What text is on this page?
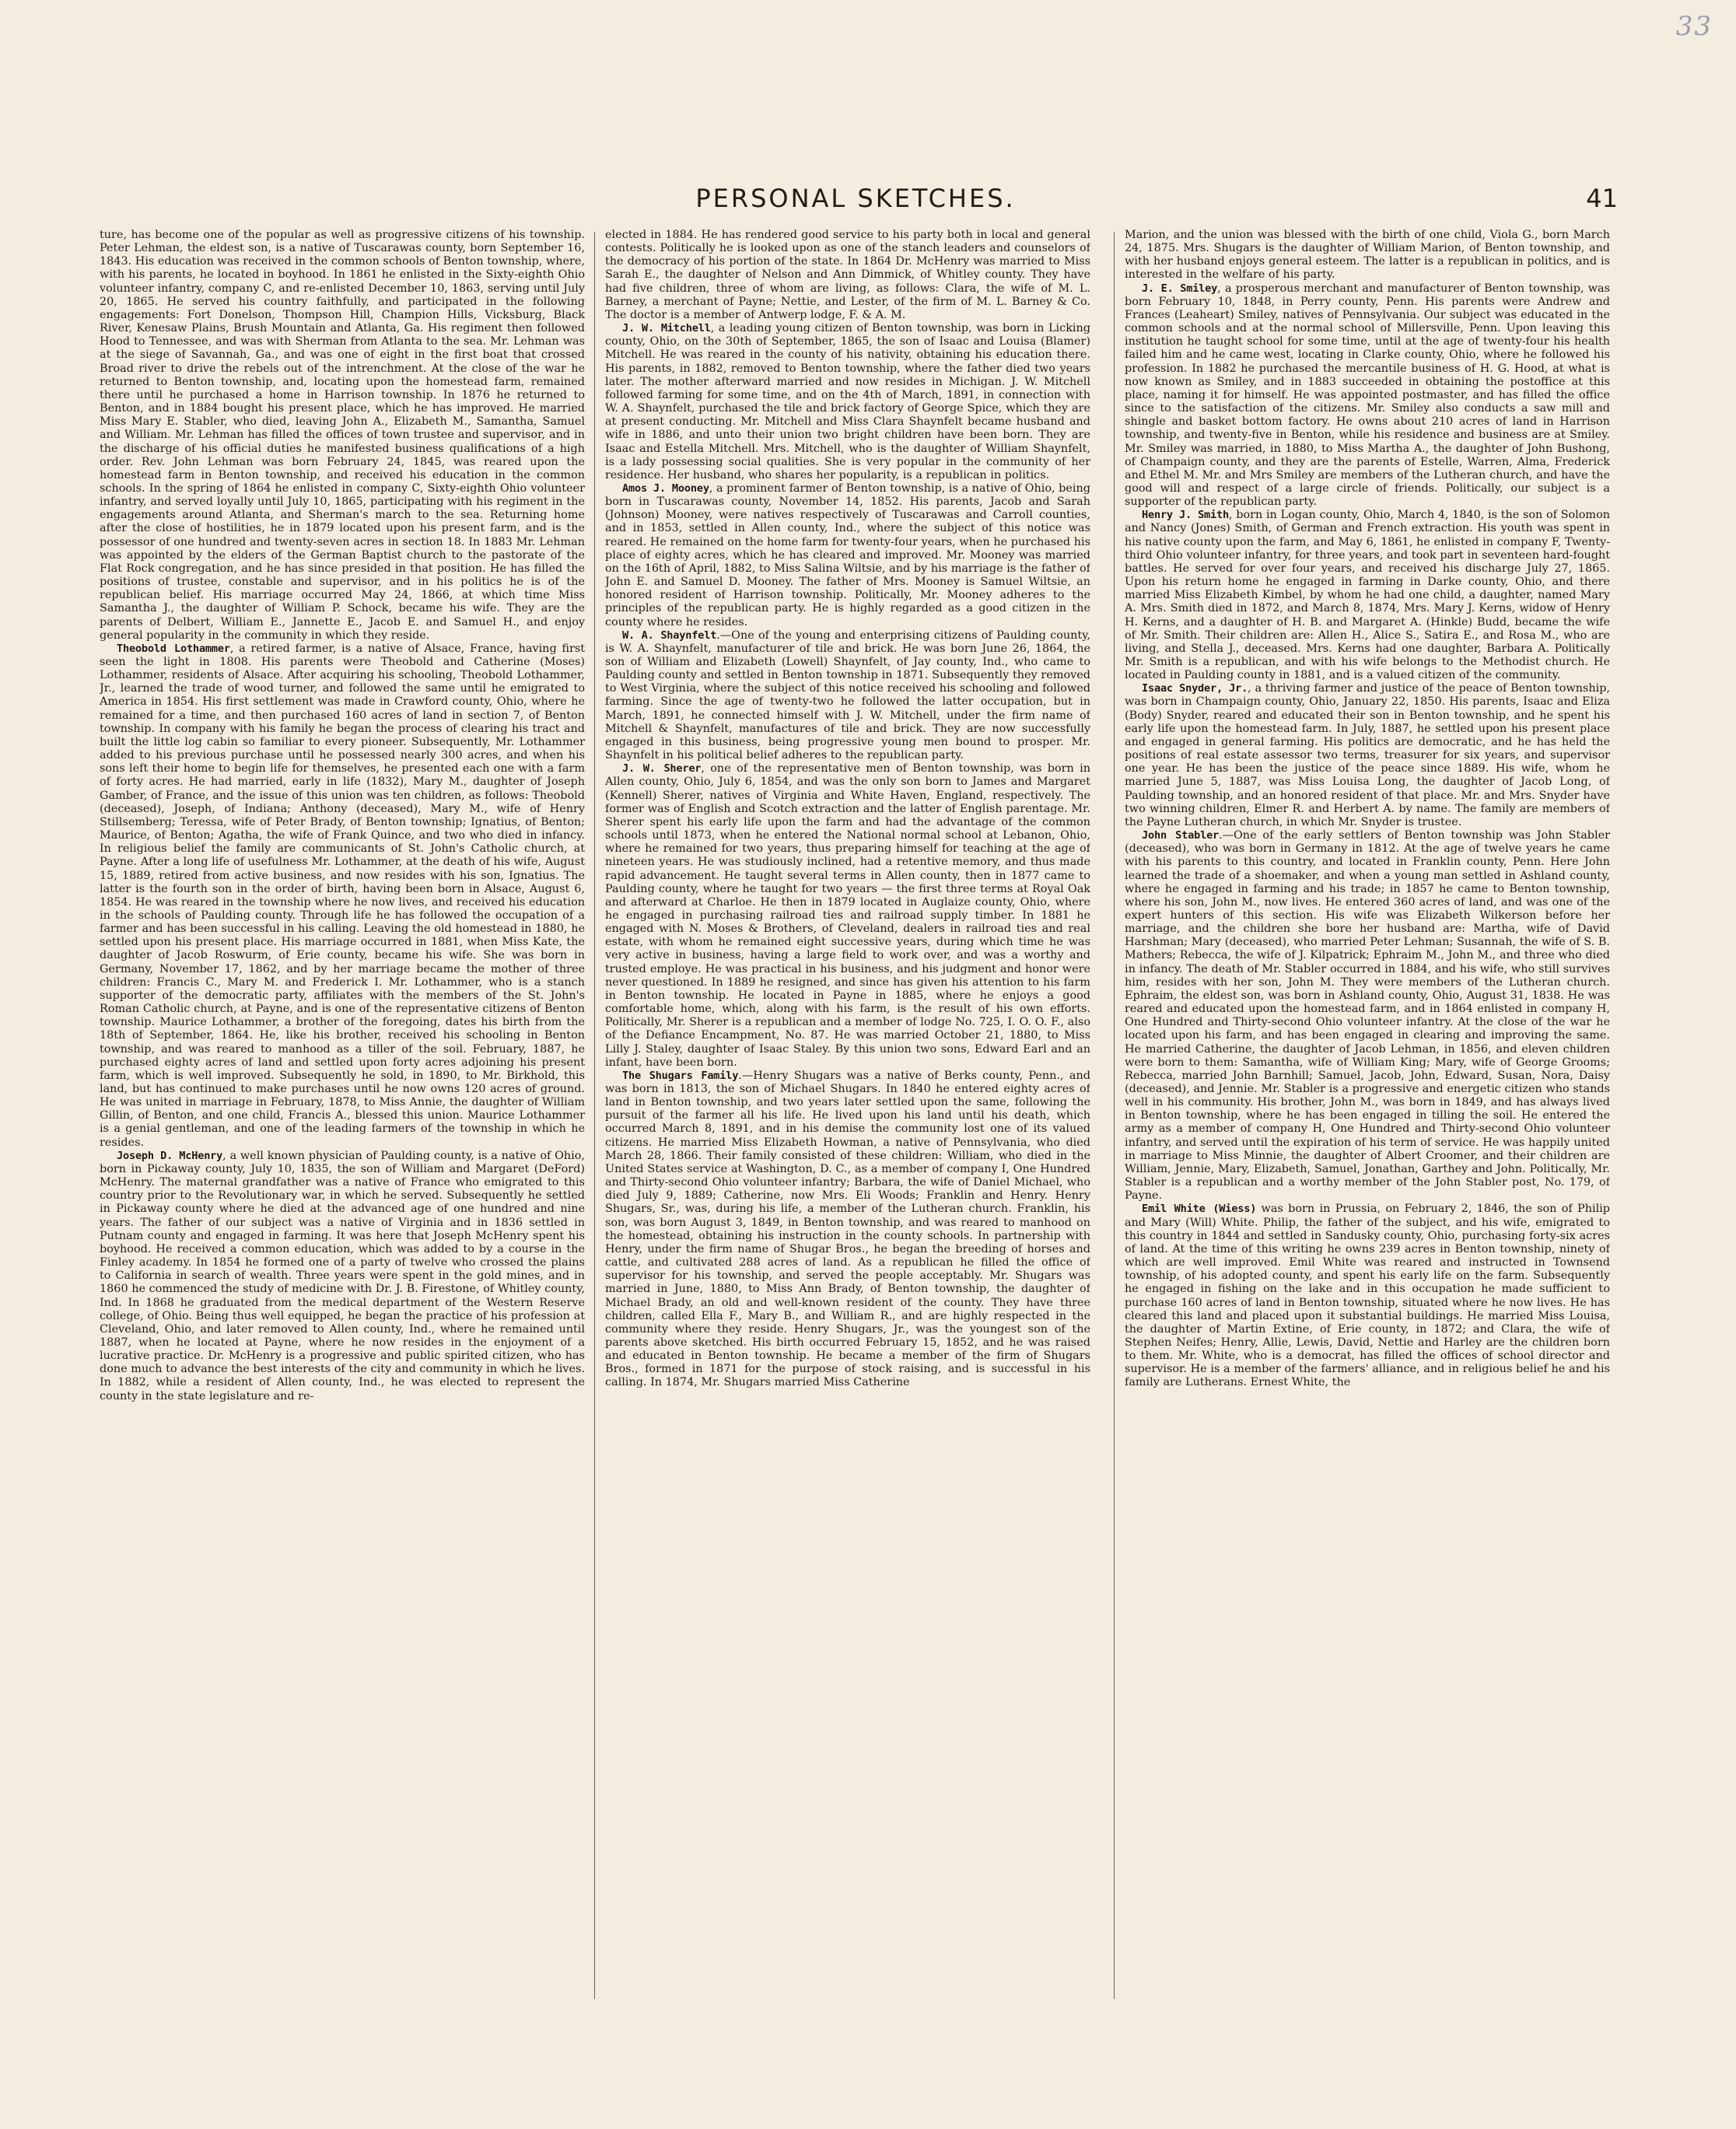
33
PERSONAL SKETCHES.	41

ture, has become one of the popular as well as progressive citizens of his township. Peter Lehman, the eldest son, is a native of Tuscarawas county, born September 16, 1843. His education was received in the common schools of Benton township, where, with his parents, he located in boyhood. In 1861 he enlisted in the Sixty-eighth Ohio volunteer infantry, company C, and re-enlisted December 10, 1863, serving until July 20, 1865. He served his country faithfully, and participated in the following engagements: Fort Donelson, Thompson Hill, Champion Hills, Vicksburg, Black River, Kenesaw Plains, Brush Mountain and Atlanta, Ga. His regiment then followed Hood to Tennessee, and was with Sherman from Atlanta to the sea. Mr. Lehman was at the siege of Savannah, Ga., and was one of eight in the first boat that crossed Broad river to drive the rebels out of the intrenchment. At the close of the war he returned to Benton township, and, locating upon the homestead farm, remained there until he purchased a home in Harrison township. In 1876 he returned to Benton, and in 1884 bought his present place, which he has improved. He married Miss Mary E. Stabler, who died, leaving John A., Elizabeth M., Samantha, Samuel and William. Mr. Lehman has filled the offices of town trustee and supervisor, and in the discharge of his official duties he manifested business qualifications of a high order. Rev. John Lehman was born February 24, 1845, was reared upon the homestead farm in Benton township, and received his education in the common schools. In the spring of 1864 he enlisted in company C, Sixty-eighth Ohio volunteer infantry, and served loyally until July 10, 1865, participating with his regiment in the engagements around Atlanta, and Sherman's march to the sea. Returning home after the close of hostilities, he in 1879 located upon his present farm, and is the possessor of one hundred and twenty-seven acres in section 18. In 1883 Mr. Lehman was appointed by the elders of the German Baptist church to the pastorate of the Flat Rock congregation, and he has since presided in that position. He has filled the positions of trustee, constable and supervisor, and in his politics he is of the republican belief. His marriage occurred May 24, 1866, at which time Miss Samantha J., the daughter of William P. Schock, became his wife. They are the parents of Delbert, William E., Jannette E., Jacob E. and Samuel H., and enjoy general popularity in the community in which they reside.

Theobold Lothammer, a retired farmer, is a native of Alsace, France, having first seen the light in 1808. His parents were Theobold and Catherine (Moses) Lothammer, residents of Alsace. After acquiring his schooling, Theobold Lothammer, Jr., learned the trade of wood turner, and followed the same until he emigrated to America in 1854. His first settlement was made in Crawford county, Ohio, where he remained for a time, and then purchased 160 acres of land in section 7, of Benton township. In company with his family he began the process of clearing his tract and built the little log cabin so familiar to every pioneer. Subsequently, Mr. Lothammer added to his previous purchase until he possessed nearly 300 acres, and when his sons left their home to begin life for themselves, he presented each one with a farm of forty acres. He had married, early in life (1832), Mary M., daughter of Joseph Gamber, of France, and the issue of this union was ten children, as follows: Theobold (deceased), Joseph, of Indiana; Anthony (deceased), Mary M., wife of Henry Stillsemberg; Teressa, wife of Peter Brady, of Benton township; Ignatius, of Benton; Maurice, of Benton; Agatha, the wife of Frank Quince, and two who died in infancy. In religious belief the family are communicants of St. John's Catholic church, at Payne. After a long life of usefulness Mr. Lothammer, at the death of his wife, August 15, 1889, retired from active business, and now resides with his son, Ignatius. The latter is the fourth son in the order of birth, having been born in Alsace, August 6, 1854. He was reared in the township where he now lives, and received his education in the schools of Paulding county. Through life he has followed the occupation of a farmer and has been successful in his calling. Leaving the old homestead in 1880, he settled upon his present place. His marriage occurred in 1881, when Miss Kate, the daughter of Jacob Roswurm, of Erie county, became his wife. She was born in Germany, November 17, 1862, and by her marriage became the mother of three children: Francis C., Mary M. and Frederick I. Mr. Lothammer, who is a stanch supporter of the democratic party, affiliates with the members of the St. John's Roman Catholic church, at Payne, and is one of the representative citizens of Benton township. Maurice Lothammer, a brother of the foregoing, dates his birth from the 18th of September, 1864. He, like his brother, received his schooling in Benton township, and was reared to manhood as a tiller of the soil. February, 1887, he purchased eighty acres of land and settled upon forty acres adjoining his present farm, which is well improved. Subsequently he sold, in 1890, to Mr. Birkhold, this land, but has continued to make purchases until he now owns 120 acres of ground. He was united in marriage in February, 1878, to Miss Annie, the daughter of William Gillin, of Benton, and one child, Francis A., blessed this union. Maurice Lothammer is a genial gentleman, and one of the leading farmers of the township in which he resides.

Joseph D. McHenry, a well known physician of Paulding county, is a native of Ohio, born in Pickaway county, July 10, 1835, the son of William and Margaret (DeFord) McHenry. The maternal grandfather was a native of France who emigrated to this country prior to the Revolutionary war, in which he served. Subsequently he settled in Pickaway county where he died at the advanced age of one hundred and nine years. The father of our subject was a native of Virginia and in 1836 settled in Putnam county and engaged in farming. It was here that Joseph McHenry spent his boyhood. He received a common education, which was added to by a course in the Finley academy. In 1854 he formed one of a party of twelve who crossed the plains to California in search of wealth. Three years were spent in the gold mines, and in 1860 he commenced the study of medicine with Dr. J. B. Firestone, of Whitley county, Ind. In 1868 he graduated from the medical department of the Western Reserve college, of Ohio. Being thus well equipped, he began the practice of his profession at Cleveland, Ohio, and later removed to Allen county, Ind., where he remained until 1887, when he located at Payne, where he now resides in the enjoyment of a lucrative practice. Dr. McHenry is a progressive and public spirited citizen, who has done much to advance the best interests of the city and community in which he lives. In 1882, while a resident of Allen county, Ind., he was elected to represent the county in the state legislature and re-

elected in 1884. He has rendered good service to his party both in local and general contests. Politically he is looked upon as one of the stanch leaders and counselors of the democracy of his portion of the state. In 1864 Dr. McHenry was married to Miss Sarah E., the daughter of Nelson and Ann Dimmick, of Whitley county. They have had five children, three of whom are living, as follows: Clara, the wife of M. L. Barney, a merchant of Payne; Nettie, and Lester, of the firm of M. L. Barney & Co. The doctor is a member of Antwerp lodge, F. & A. M.

J. W. Mitchell, a leading young citizen of Benton township, was born in Licking county, Ohio, on the 30th of September, 1865, the son of Isaac and Louisa (Blamer) Mitchell. He was reared in the county of his nativity, obtaining his education there. His parents, in 1882, removed to Benton township, where the father died two years later. The mother afterward married and now resides in Michigan. J. W. Mitchell followed farming for some time, and on the 4th of March, 1891, in connection with W. A. Shaynfelt, purchased the tile and brick factory of George Spice, which they are at present conducting. Mr. Mitchell and Miss Clara Shaynfelt became husband and wife in 1886, and unto their union two bright children have been born. They are Isaac and Estella Mitchell. Mrs. Mitchell, who is the daughter of William Shaynfelt, is a lady possessing social qualities. She is very popular in the community of her residence. Her husband, who shares her popularity, is a republican in politics.

Amos J. Mooney, a prominent farmer of Benton township, is a native of Ohio, being born in Tuscarawas county, November 14, 1852. His parents, Jacob and Sarah (Johnson) Mooney, were natives respectively of Tuscarawas and Carroll counties, and in 1853, settled in Allen county, Ind., where the subject of this notice was reared. He remained on the home farm for twenty-four years, when he purchased his place of eighty acres, which he has cleared and improved. Mr. Mooney was married on the 16th of April, 1882, to Miss Salina Wiltsie, and by his marriage is the father of John E. and Samuel D. Mooney. The father of Mrs. Mooney is Samuel Wiltsie, an honored resident of Harrison township. Politically, Mr. Mooney adheres to the principles of the republican party. He is highly regarded as a good citizen in the county where he resides.

W. A. Shaynfelt.—One of the young and enterprising citizens of Paulding county, is W. A. Shaynfelt, manufacturer of tile and brick. He was born June 26, 1864, the son of William and Elizabeth (Lowell) Shaynfelt, of Jay county, Ind., who came to Paulding county and settled in Benton township in 1871. Subsequently they removed to West Virginia, where the subject of this notice received his schooling and followed farming. Since the age of twenty-two he followed the latter occupation, but in March, 1891, he connected himself with J. W. Mitchell, under the firm name of Mitchell & Shaynfelt, manufactures of tile and brick. They are now successfully engaged in this business, being progressive young men bound to prosper. Mr. Shaynfelt in his political belief adheres to the republican party.

J. W. Sherer, one of the representative men of Benton township, was born in Allen county, Ohio, July 6, 1854, and was the only son born to James and Margaret (Kennell) Sherer, natives of Virginia and White Haven, England, respectively. The former was of English and Scotch extraction and the latter of English parentage. Mr. Sherer spent his early life upon the farm and had the advantage of the common schools until 1873, when he entered the National normal school at Lebanon, Ohio, where he remained for two years, thus preparing himself for teaching at the age of nineteen years. He was studiously inclined, had a retentive memory, and thus made rapid advancement. He taught several terms in Allen county, then in 1877 came to Paulding county, where he taught for two years — the first three terms at Royal Oak and afterward at Charloe. He then in 1879 located in Auglaize county, Ohio, where he engaged in purchasing railroad ties and railroad supply timber. In 1881 he engaged with N. Moses & Brothers, of Cleveland, dealers in railroad ties and real estate, with whom he remained eight successive years, during which time he was very active in business, having a large field to work over, and was a worthy and trusted employe. He was practical in his business, and his judgment and honor were never questioned. In 1889 he resigned, and since has given his attention to his farm in Benton township. He located in Payne in 1885, where he enjoys a good comfortable home, which, along with his farm, is the result of his own efforts. Politically, Mr. Sherer is a republican and a member of lodge No. 725, I. O. O. F., also of the Defiance Encampment, No. 87. He was married October 21, 1880, to Miss Lilly J. Staley, daughter of Isaac Staley. By this union two sons, Edward Earl and an infant, have been born.

The Shugars Family.—Henry Shugars was a native of Berks county, Penn., and was born in 1813, the son of Michael Shugars. In 1840 he entered eighty acres of land in Benton township, and two years later settled upon the same, following the pursuit of the farmer all his life. He lived upon his land until his death, which occurred March 8, 1891, and in his demise the community lost one of its valued citizens. He married Miss Elizabeth Howman, a native of Pennsylvania, who died March 28, 1866. Their family consisted of these children: William, who died in the United States service at Washington, D. C., as a member of company I, One Hundred and Thirty-second Ohio volunteer infantry; Barbara, the wife of Daniel Michael, who died July 9, 1889; Catherine, now Mrs. Eli Woods; Franklin and Henry. Henry Shugars, Sr., was, during his life, a member of the Lutheran church. Franklin, his son, was born August 3, 1849, in Benton township, and was reared to manhood on the homestead, obtaining his instruction in the county schools. In partnership with Henry, under the firm name of Shugar Bros., he began the breeding of horses and cattle, and cultivated 288 acres of land. As a republican he filled the office of supervisor for his township, and served the people acceptably. Mr. Shugars was married in June, 1880, to Miss Ann Brady, of Benton township, the daughter of Michael Brady, an old and well-known resident of the county. They have three children, called Ella F., Mary B., and William R., and are highly respected in the community where they reside. Henry Shugars, Jr., was the youngest son of the parents above sketched. His birth occurred February 15, 1852, and he was raised and educated in Benton township. He became a member of the firm of Shugars Bros., formed in 1871 for the purpose of stock raising, and is successful in his calling. In 1874, Mr. Shugars married Miss Catherine

Marion, and the union was blessed with the birth of one child, Viola G., born March 24, 1875. Mrs. Shugars is the daughter of William Marion, of Benton township, and with her husband enjoys general esteem. The latter is a republican in politics, and is interested in the welfare of his party.

J. E. Smiley, a prosperous merchant and manufacturer of Benton township, was born February 10, 1848, in Perry county, Penn. His parents were Andrew and Frances (Leaheart) Smiley, natives of Pennsylvania. Our subject was educated in the common schools and at the normal school of Millersville, Penn. Upon leaving this institution he taught school for some time, until at the age of twenty-four his health failed him and he came west, locating in Clarke county, Ohio, where he followed his profession. In 1882 he purchased the mercantile business of H. G. Hood, at what is now known as Smiley, and in 1883 succeeded in obtaining the postoffice at this place, naming it for himself. He was appointed postmaster, and has filled the office since to the satisfaction of the citizens. Mr. Smiley also conducts a saw mill and shingle and basket bottom factory. He owns about 210 acres of land in Harrison township, and twenty-five in Benton, while his residence and business are at Smiley. Mr. Smiley was married, in 1880, to Miss Martha A., the daughter of John Bushong, of Champaign county, and they are the parents of Estelle, Warren, Alma, Frederick and Ethel M. Mr. and Mrs Smiley are members of the Lutheran church, and have the good will and respect of a large circle of friends. Politically, our subject is a supporter of the republican party.

Henry J. Smith, born in Logan county, Ohio, March 4, 1840, is the son of Solomon and Nancy (Jones) Smith, of German and French extraction. His youth was spent in his native county upon the farm, and May 6, 1861, he enlisted in company F, Twenty-third Ohio volunteer infantry, for three years, and took part in seventeen hard-fought battles. He served for over four years, and received his discharge July 27, 1865. Upon his return home he engaged in farming in Darke county, Ohio, and there married Miss Elizabeth Kimbel, by whom he had one child, a daughter, named Mary A. Mrs. Smith died in 1872, and March 8, 1874, Mrs. Mary J. Kerns, widow of Henry H. Kerns, and a daughter of H. B. and Margaret A. (Hinkle) Budd, became the wife of Mr. Smith. Their children are: Allen H., Alice S., Satira E., and Rosa M., who are living, and Stella J., deceased. Mrs. Kerns had one daughter, Barbara A. Politically Mr. Smith is a republican, and with his wife belongs to the Methodist church. He located in Paulding county in 1881, and is a valued citizen of the community.

Isaac Snyder, Jr., a thriving farmer and justice of the peace of Benton township, was born in Champaign county, Ohio, January 22, 1850. His parents, Isaac and Eliza (Body) Snyder, reared and educated their son in Benton township, and he spent his early life upon the homestead farm. In July, 1887, he settled upon his present place and engaged in general farming. His politics are democratic, and he has held the positions of real estate assessor two terms, treasurer for six years, and supervisor one year. He has been the justice of the peace since 1889. His wife, whom he married June 5, 1887, was Miss Louisa Long, the daughter of Jacob Long, of Paulding township, and an honored resident of that place. Mr. and Mrs. Snyder have two winning children, Elmer R. and Herbert A. by name. The family are members of the Payne Lutheran church, in which Mr. Snyder is trustee.

John Stabler.—One of the early settlers of Benton township was John Stabler (deceased), who was born in Germany in 1812. At the age of twelve years he came with his parents to this country, and located in Franklin county, Penn. Here John learned the trade of a shoemaker, and when a young man settled in Ashland county, where he engaged in farming and his trade; in 1857 he came to Benton township, where his son, John M., now lives. He entered 360 acres of land, and was one of the expert hunters of this section. His wife was Elizabeth Wilkerson before her marriage, and the children she bore her husband are: Martha, wife of David Harshman; Mary (deceased), who married Peter Lehman; Susannah, the wife of S. B. Mathers; Rebecca, the wife of J. Kilpatrick; Ephraim M., John M., and three who died in infancy. The death of Mr. Stabler occurred in 1884, and his wife, who still survives him, resides with her son, John M. They were members of the Lutheran church. Ephraim, the eldest son, was born in Ashland county, Ohio, August 31, 1838. He was reared and educated upon the homestead farm, and in 1864 enlisted in company H, One Hundred and Thirty-second Ohio volunteer infantry. At the close of the war he located upon his farm, and has been engaged in clearing and improving the same. He married Catherine, the daughter of Jacob Lehman, in 1856, and eleven children were born to them: Samantha, wife of William King; Mary, wife of George Grooms; Rebecca, married John Barnhill; Samuel, Jacob, John, Edward, Susan, Nora, Daisy (deceased), and Jennie. Mr. Stabler is a progressive and energetic citizen who stands well in his community. His brother, John M., was born in 1849, and has always lived in Benton township, where he has been engaged in tilling the soil. He entered the army as a member of company H, One Hundred and Thirty-second Ohio volunteer infantry, and served until the expiration of his term of service. He was happily united in marriage to Miss Minnie, the daughter of Albert Croomer, and their children are William, Jennie, Mary, Elizabeth, Samuel, Jonathan, Garthey and John. Politically, Mr. Stabler is a republican and a worthy member of the John Stabler post, No. 179, of Payne.

Emil White (Wiess) was born in Prussia, on February 2, 1846, the son of Philip and Mary (Will) White. Philip, the father of the subject, and his wife, emigrated to this country in 1844 and settled in Sandusky county, Ohio, purchasing forty-six acres of land. At the time of this writing he owns 239 acres in Benton township, ninety of which are well improved. Emil White was reared and instructed in Townsend township, of his adopted county, and spent his early life on the farm. Subsequently he engaged in fishing on the lake and in this occupation he made sufficient to purchase 160 acres of land in Benton township, situated where he now lives. He has cleared this land and placed upon it substantial buildings. He married Miss Louisa, the daughter of Martin Extine, of Erie county, in 1872; and Clara, the wife of Stephen Neifes; Henry, Allie, Lewis, David, Nettie and Harley are the children born to them. Mr. White, who is a democrat, has filled the offices of school director and supervisor. He is a member of the farmers' alliance, and in religious belief he and his family are Lutherans. Ernest White, the
